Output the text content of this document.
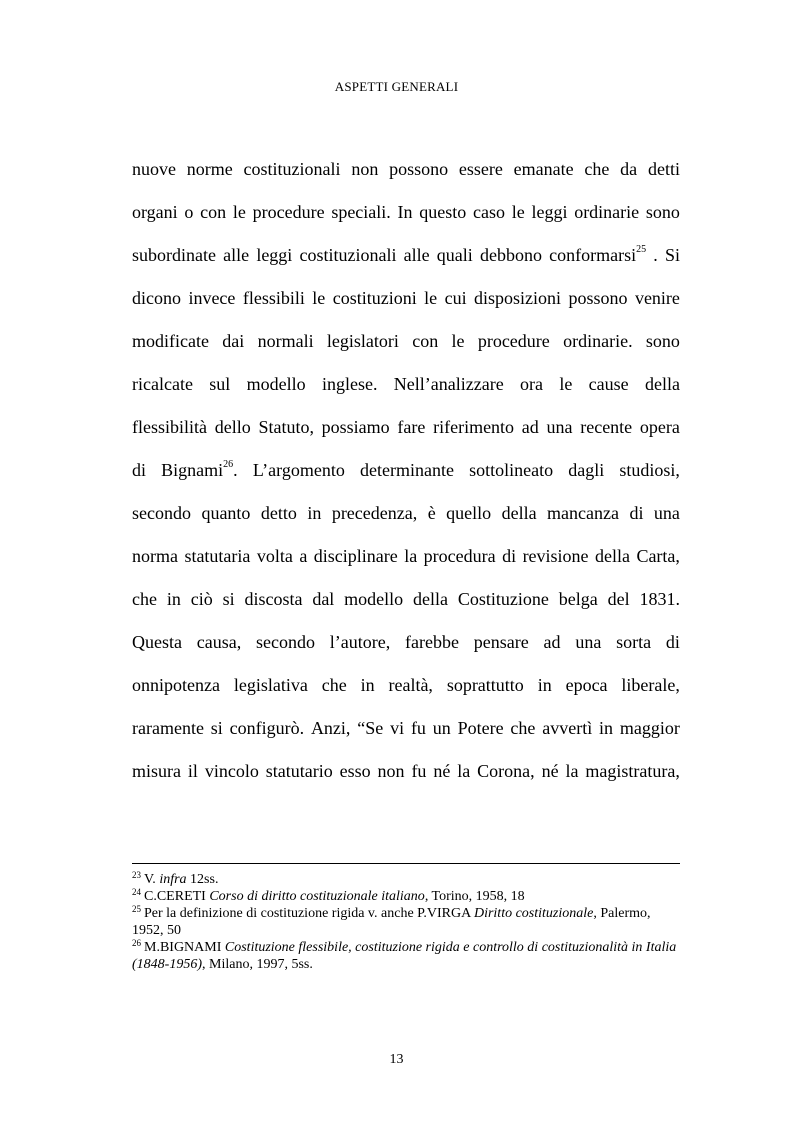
ASPETTI GENERALI
nuove norme costituzionali non possono essere emanate che da detti
organi o con le procedure speciali. In questo caso le leggi ordinarie sono
subordinate alle leggi costituzionali alle quali debbono conformarsi$^{25}$ . Si
dicono invece flessibili le costituzioni le cui disposizioni possono venire
modificate dai normali legislatori con le procedure ordinarie. sono
ricalcate sul modello inglese. Nell’analizzare ora le cause della
flessibilità dello Statuto, possiamo fare riferimento ad una recente opera
di Bignami$^{26}$. L’argomento determinante sottolineato dagli studiosi,
secondo quanto detto in precedenza, è quello della mancanza di una
norma statutaria volta a disciplinare la procedura di revisione della Carta,
che in ciò si discosta dal modello della Costituzione belga del 1831.
Questa causa, secondo l’autore, farebbe pensare ad una sorta di
onnipotenza legislativa che in realtà, soprattutto in epoca liberale,
raramente si configurò. Anzi, “Se vi fu un Potere che avvertì in maggior
misura il vincolo statutario esso non fu né la Corona, né la magistratura,

$^{23}$ V. infra 12ss.

$^{24}$ C.CERETI Corso di diritto costituzionale italiano, Torino, 1958, 18

$^{25}$ Per la definizione di costituzione rigida v. anche P.VIRGA Diritto costituzionale, Palermo, 1952, 50

$^{26}$ M.BIGNAMI Costituzione flessibile, costituzione rigida e controllo di costituzionalità in Italia (1848-1956), Milano, 1997, 5ss.

13
